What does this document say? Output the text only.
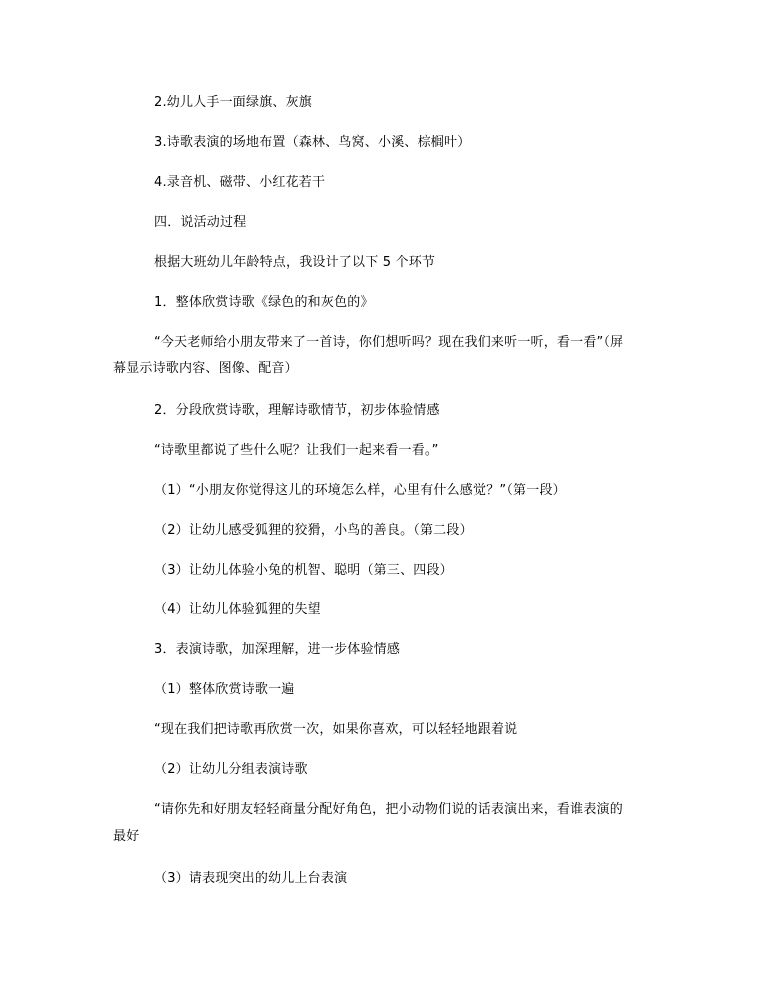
2.幼儿人手一面绿旗、灰旗
3.诗歌表演的场地布置（森林、鸟窝、小溪、棕榈叶）
4.录音机、磁带、小红花若干
四．说活动过程
根据大班幼儿年龄特点，我设计了以下 5 个环节
1．整体欣赏诗歌《绿色的和灰色的》
“今天老师给小朋友带来了一首诗，你们想听吗？现在我们来听一听，看一看”（屏
幕显示诗歌内容、图像、配音）
2．分段欣赏诗歌，理解诗歌情节，初步体验情感
“诗歌里都说了些什么呢？让我们一起来看一看。”
（1）“小朋友你觉得这儿的环境怎么样，心里有什么感觉？”（第一段）
（2）让幼儿感受狐狸的狡猾，小鸟的善良。（第二段）
（3）让幼儿体验小兔的机智、聪明（第三、四段）
（4）让幼儿体验狐狸的失望
3．表演诗歌，加深理解，进一步体验情感
（1）整体欣赏诗歌一遍
“现在我们把诗歌再欣赏一次，如果你喜欢，可以轻轻地跟着说
（2）让幼儿分组表演诗歌
“请你先和好朋友轻轻商量分配好角色，把小动物们说的话表演出来，看谁表演的
最好
（3）请表现突出的幼儿上台表演
